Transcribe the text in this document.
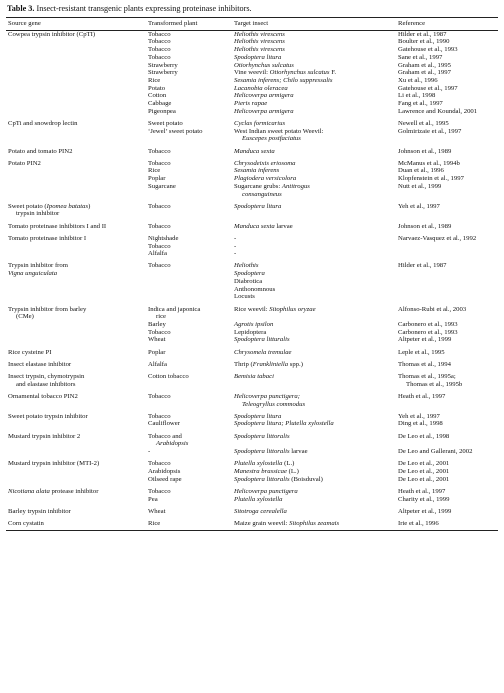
Table 3. Insect-resistant transgenic plants expressing proteinase inhibitors.
Source gene	Transformed plant	Target insect	Reference
Cowpea trypsin inhibitor (CpTI)	Tobacco	Heliothis virescens	Hilder et al., 1987
	Tobacco	Heliothis virescens	Boulter et al., 1990
	Tobacco	Heliothis virescens	Gatehouse et al., 1993
	Tobacco	Spodoptera litura	Sane et al., 1997
	Strawberry	Otiorhynchus sulcatus	Graham et al., 1995
	Strawberry	Vine weevil: Otiorhynchus sulcatus F.	Graham et al., 1997
	Rice	Sesamia inferens; Chilo suppressalis	Xu et al., 1996
	Potato	Lacanobia oleracea	Gatehouse et al., 1997
	Cotton	Helicoverpa armigera	Li et al., 1998
	Cabbage	Pieris rapae	Fang et al., 1997
	Pigeonpea	Helicoverpa armigera	Lawrence and Koundal, 2001
CpTi and snowdrop lectin	Sweet potato	Cyclas formicarius	Newell et al., 1995
	‘Jewel’ sweet potato	West Indian sweet potato Weevil:	Golmirizaie et al., 1997
		Euscepes postfaciatus	
Potato and tomato PIN2	Tobacco	Manduca sexta	Johnson et al., 1989
Potato PIN2	Tobacco	Chrysodeixis eriosoma	McManus et al., 1994b
	Rice	Sesamia inferens	Duan et al., 1996
	Poplar	Plagiodera versicolora	Klopfenstein et al., 1997
	Sugarcane	Sugarcane grubs: Antitrogus	Nutt et al., 1999
		consanguineus	
Sweet potato (Ipomea batatas)	Tobacco	Spodoptera litura	Yeh et al., 1997
trypsin inhibitor			
Tomato proteinase inhibitors I and II	Tobacco	Manduca sexta larvae	Johnson et al., 1989
Tomato proteinase inhibitor I	Nightshade	-	Narvaez-Vasquez et al., 1992
	Tobacco	-	
	Alfalfa	-	
Trypsin inhibitor from	Tobacco	Heliothis	Hilder et al., 1987
Vigna unguiculata		Spodoptera	
		Diabrotica	
		Anthonomnous	
		Locusts	
Trypsin inhibitor from barley	Indica and japonica	Rice weevil: Sitophilus oryzae	Alfonso-Rubi et al., 2003
(CMe)	rice		
	Barley	Agrotis ipsilon	Carbonero et al., 1993
	Tobacco	Lepidoptera	Carbonero et al., 1993
	Wheat	Spodoptera litturalis	Altpeter et al., 1999
Rice cysteine PI	Poplar	Chrysomela tremulae	Leple et al., 1995
Insect elastase inhibitor	Alfalfa	Thrip (Frankliniella spp.)	Thomas et al., 1994
Insect trypsin, chymotrypsin	Cotton tobacco	Bemisia tabaci	Thomas et al., 1995a;
and elastase inhibitors			Thomas et al., 1995b
Ornamental tobacco PIN2	Tobacco	Helicoverpa punctigera;	Heath et al., 1997
		Teleogryllus commodus	
Sweet potato trypsin inhibitor	Tobacco	Spodoptera litura	Yeh et al., 1997
	Cauliflower	Spodoptera litura; Plutella xylostella	Ding et al., 1998
Mustard trypsin inhibitor 2	Tobacco and	Spodoptera littoralis	De Leo et al., 1998
	Arabidopsis		
	-	Spodoptera littoralis larvae	De Leo and Gallerani, 2002
Mustard trypsin inhibitor (MTI-2)	Tobacco	Plutella xylostella (L.)	De Leo et al., 2001
	Arabidopsis	Manestra brassicae (L.)	De Leo et al., 2001
	Oilseed rape	Spodoptera littoralis (Boisduval)	De Leo et al., 2001
Nicotiana alata protease inhibitor	Tobacco	Helicoverpa punctigera	Heath et al., 1997
	Pea	Plutella xylostella	Charity et al., 1999
Barley trypsin inhibitor	Wheat	Sitotroga cerealella	Altpeter et al., 1999
Corn cystatin	Rice	Maize grain weevil: Sitophilus zeamais	Irie et al., 1996
